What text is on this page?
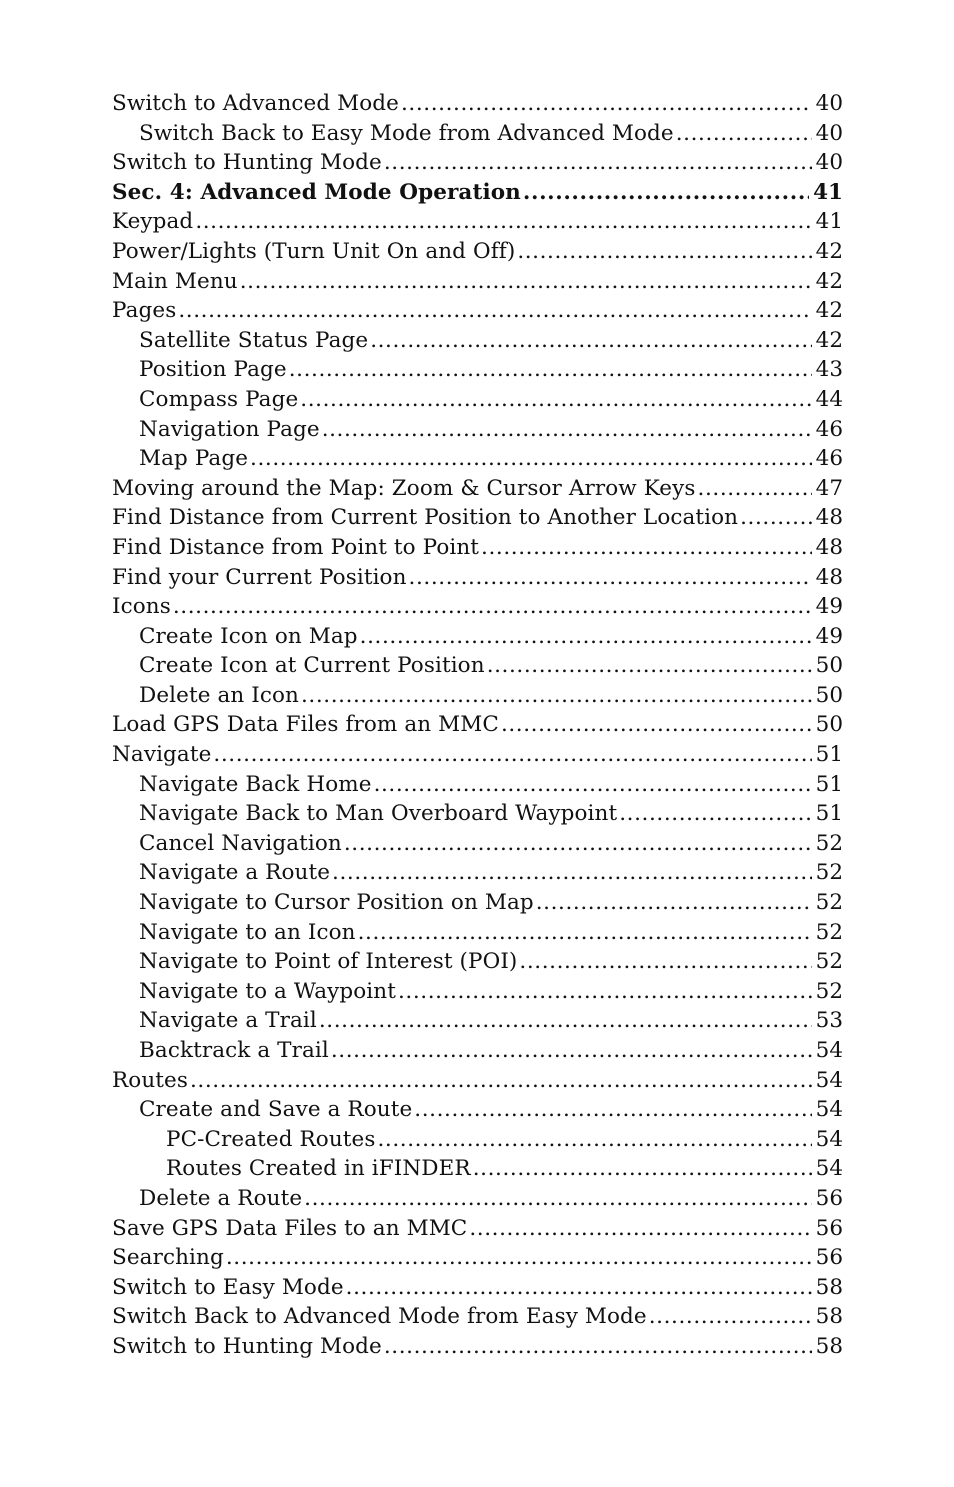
Switch to Advanced Mode .....	40
Switch Back to Easy Mode from Advanced Mode .....	40
Switch to Hunting Mode .....	40
Sec. 4: Advanced Mode Operation .....	41
Keypad .....	41
Power/Lights (Turn Unit On and Off) .....	42
Main Menu .....	42
Pages .....	42
Satellite Status Page .....	42
Position Page .....	43
Compass Page .....	44
Navigation Page .....	46
Map Page .....	46
Moving around the Map: Zoom & Cursor Arrow Keys .....	47
Find Distance from Current Position to Another Location .....	48
Find Distance from Point to Point .....	48
Find your Current Position .....	48
Icons .....	49
Create Icon on Map .....	49
Create Icon at Current Position .....	50
Delete an Icon .....	50
Load GPS Data Files from an MMC .....	50
Navigate .....	51
Navigate Back Home .....	51
Navigate Back to Man Overboard Waypoint .....	51
Cancel Navigation .....	52
Navigate a Route .....	52
Navigate to Cursor Position on Map .....	52
Navigate to an Icon .....	52
Navigate to Point of Interest (POI) .....	52
Navigate to a Waypoint .....	52
Navigate a Trail .....	53
Backtrack a Trail .....	54
Routes .....	54
Create and Save a Route .....	54
PC-Created Routes .....	54
Routes Created in iFINDER .....	54
Delete a Route .....	56
Save GPS Data Files to an MMC .....	56
Searching .....	56
Switch to Easy Mode .....	58
Switch Back to Advanced Mode from Easy Mode .....	58
Switch to Hunting Mode .....	58
